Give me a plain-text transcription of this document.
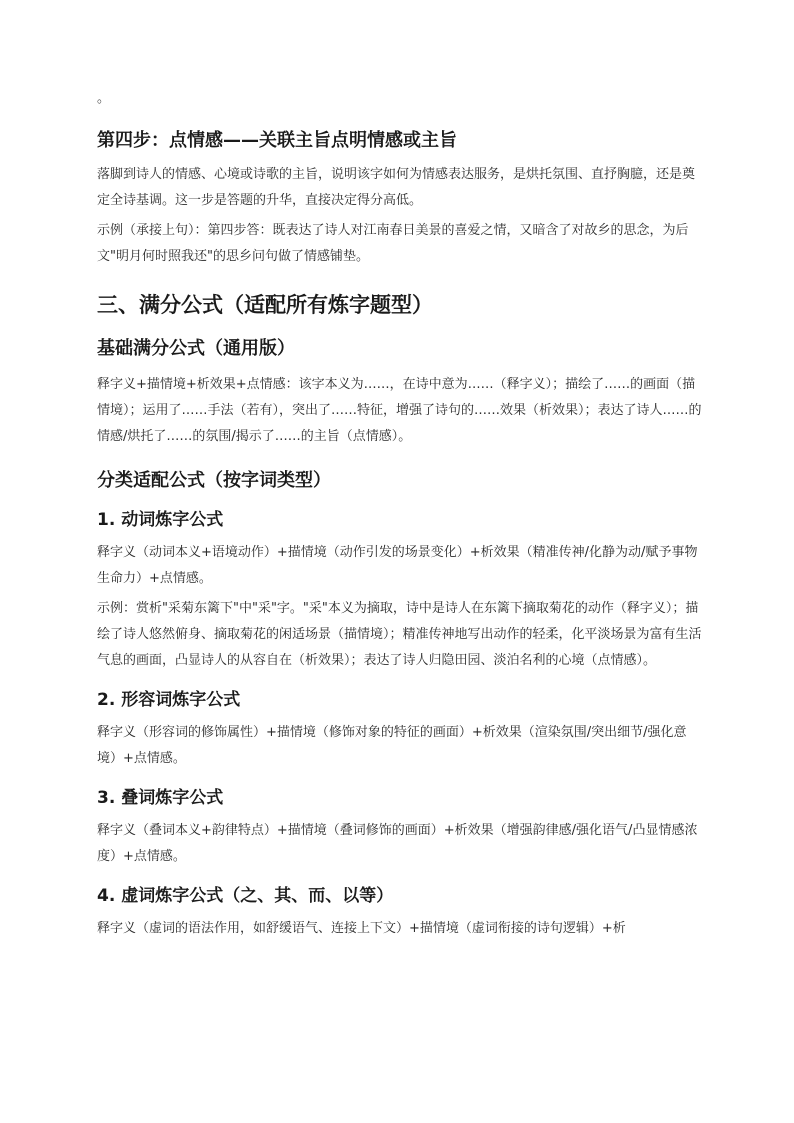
。

第四步：点情感——关联主旨点明情感或主旨

落脚到诗人的情感、心境或诗歌的主旨，说明该字如何为情感表达服务，是烘托氛围、直抒胸臆，还是奠定全诗基调。这一步是答题的升华，直接决定得分高低。

示例（承接上句）：第四步答：既表达了诗人对江南春日美景的喜爱之情，又暗含了对故乡的思念，为后文"明月何时照我还"的思乡问句做了情感铺垫。

三、满分公式（适配所有炼字题型）
基础满分公式（通用版）

释字义+描情境+析效果+点情感：该字本义为……，在诗中意为……（释字义）；描绘了……的画面（描情境）；运用了……手法（若有），突出了……特征，增强了诗句的……效果（析效果）；表达了诗人……的情感/烘托了……的氛围/揭示了……的主旨（点情感）。

分类适配公式（按字词类型）
1. 动词炼字公式

释字义（动词本义+语境动作）+描情境（动作引发的场景变化）+析效果（精准传神/化静为动/赋予事物生命力）+点情感。

示例：赏析"采菊东篱下"中"采"字。"采"本义为摘取，诗中是诗人在东篱下摘取菊花的动作（释字义）；描绘了诗人悠然俯身、摘取菊花的闲适场景（描情境）；精准传神地写出动作的轻柔，化平淡场景为富有生活气息的画面，凸显诗人的从容自在（析效果）；表达了诗人归隐田园、淡泊名利的心境（点情感）。

2. 形容词炼字公式

释字义（形容词的修饰属性）+描情境（修饰对象的特征的画面）+析效果（渲染氛围/突出细节/强化意境）+点情感。

3. 叠词炼字公式

释字义（叠词本义+韵律特点）+描情境（叠词修饰的画面）+析效果（增强韵律感/强化语气/凸显情感浓度）+点情感。

4. 虚词炼字公式（之、其、而、以等）

释字义（虚词的语法作用，如舒缓语气、连接上下文）+描情境（虚词衔接的诗句逻辑）+析
